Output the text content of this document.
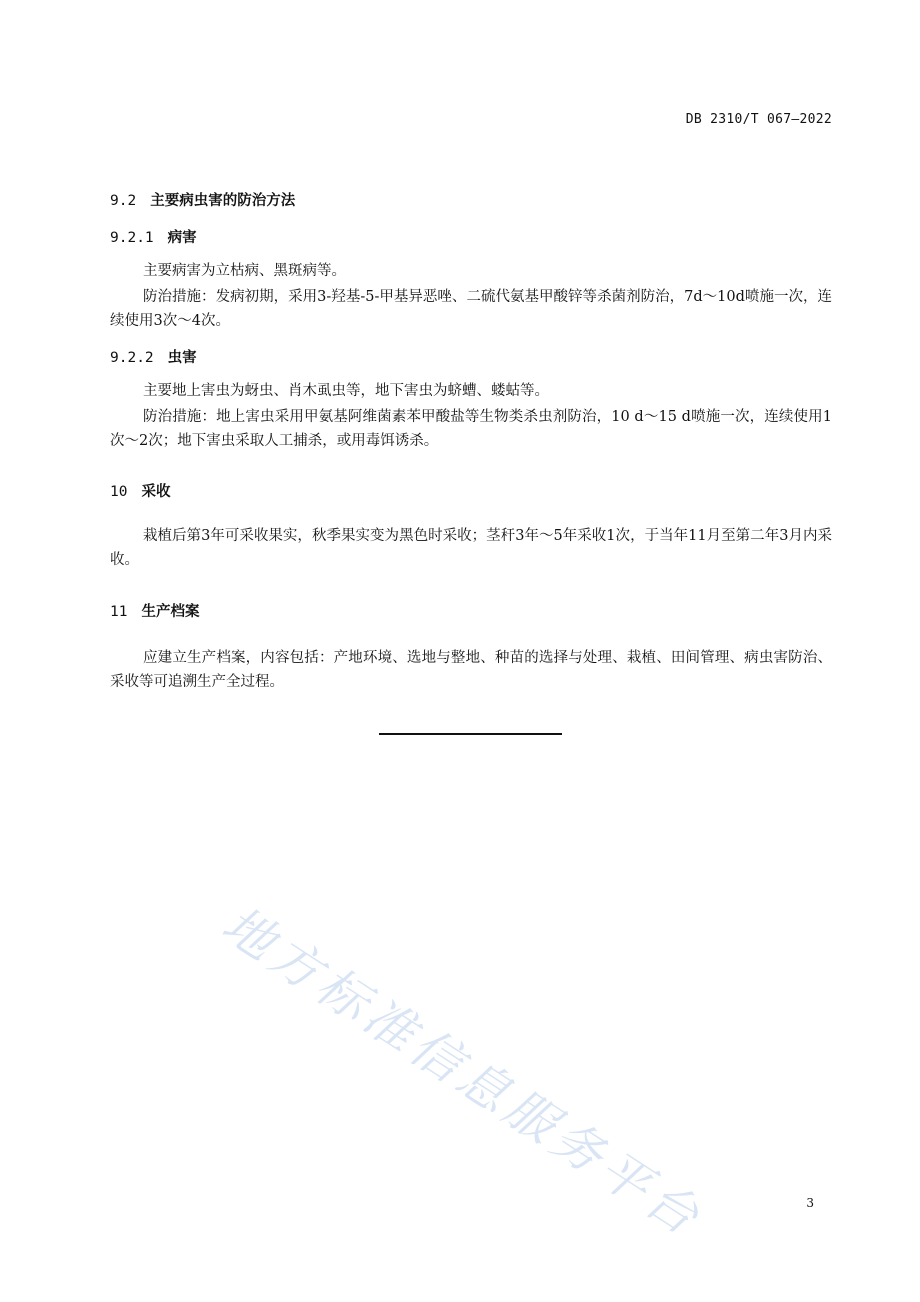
DB 2310/T 067—2022
9.2 主要病虫害的防治方法
9.2.1 病害

主要病害为立枯病、黑斑病等。

防治措施：发病初期，采用3-羟基-5-甲基异恶唑、二硫代氨基甲酸锌等杀菌剂防治，7d～10d喷施一次，连续使用3次～4次。

9.2.2 虫害

主要地上害虫为蚜虫、肖木虱虫等，地下害虫为蛴螬、蝼蛄等。

防治措施：地上害虫采用甲氨基阿维菌素苯甲酸盐等生物类杀虫剂防治，10 d～15 d喷施一次，连续使用1次～2次；地下害虫采取人工捕杀，或用毒饵诱杀。

10 采收

栽植后第3年可采收果实，秋季果实变为黑色时采收；茎秆3年～5年采收1次，于当年11月至第二年3月内采收。

11 生产档案

应建立生产档案，内容包括：产地环境、选地与整地、种苗的选择与处理、栽植、田间管理、病虫害防治、采收等可追溯生产全过程。

地方标准信息服务平台	3
